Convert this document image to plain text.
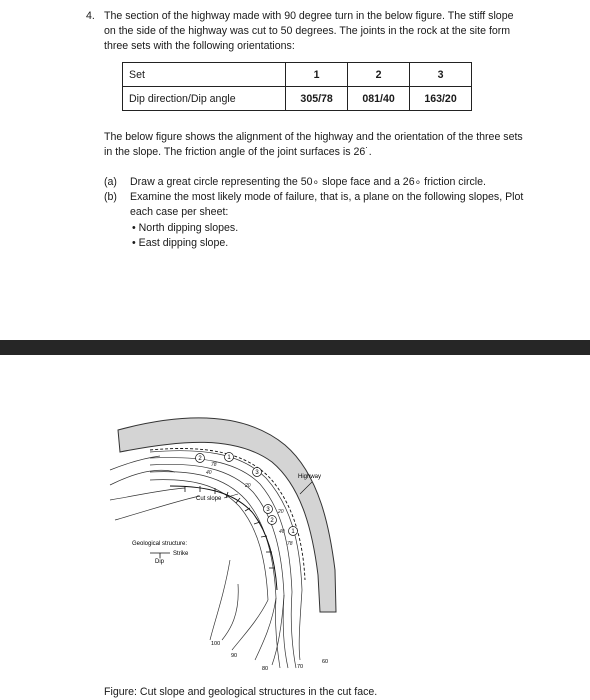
4. The section of the highway made with 90 degree turn in the below figure. The stiff slope on the side of the highway was cut to 50 degrees. The joints in the rock at the site form three sets with the following orientations:
Set	1	2	3
Dip direction/Dip angle	305/78	081/40	163/20
The below figure shows the alignment of the highway and the orientation of the three sets in the slope. The friction angle of the joint surfaces is 26˙.
(a) Draw a great circle representing the 50∘ slope face and a 26∘ friction circle.
(b) Examine the most likely mode of failure, that is, a plane on the following slopes, Plot each case per sheet:
• North dipping slopes.
• East dipping slope.
2	1
3
3
2
1
78
40
20
20
40
78
Highway
Cut slope
Geological structure:
Strike
Dip
100
90
80	70
60
Figure: Cut slope and geological structures in the cut face.
